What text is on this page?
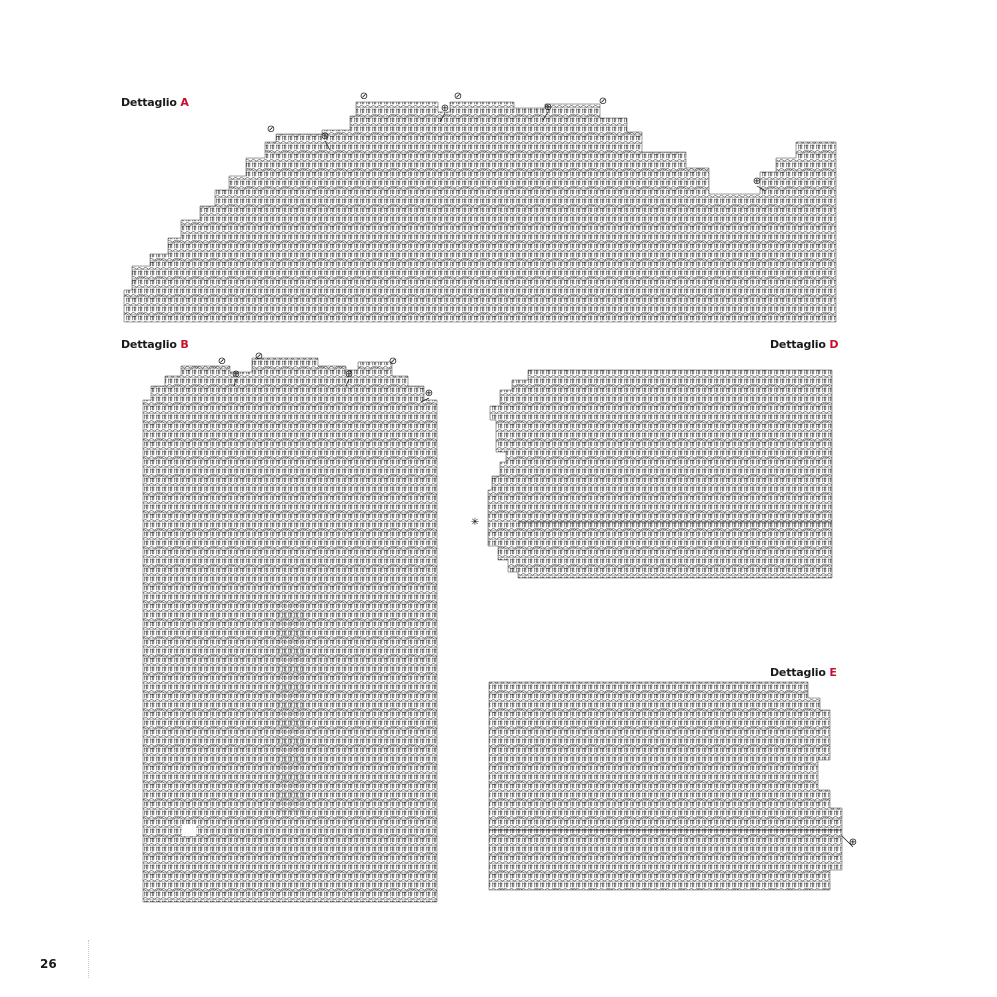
Dettaglio A
Dettaglio B	Dettaglio D
Dettaglio E
⊘	⊘	⊘
⊘
⊕	⊕
⊕
⊕
⊘	⊘	⊘
⊕	⊕
⊕
✳
⊕
26
